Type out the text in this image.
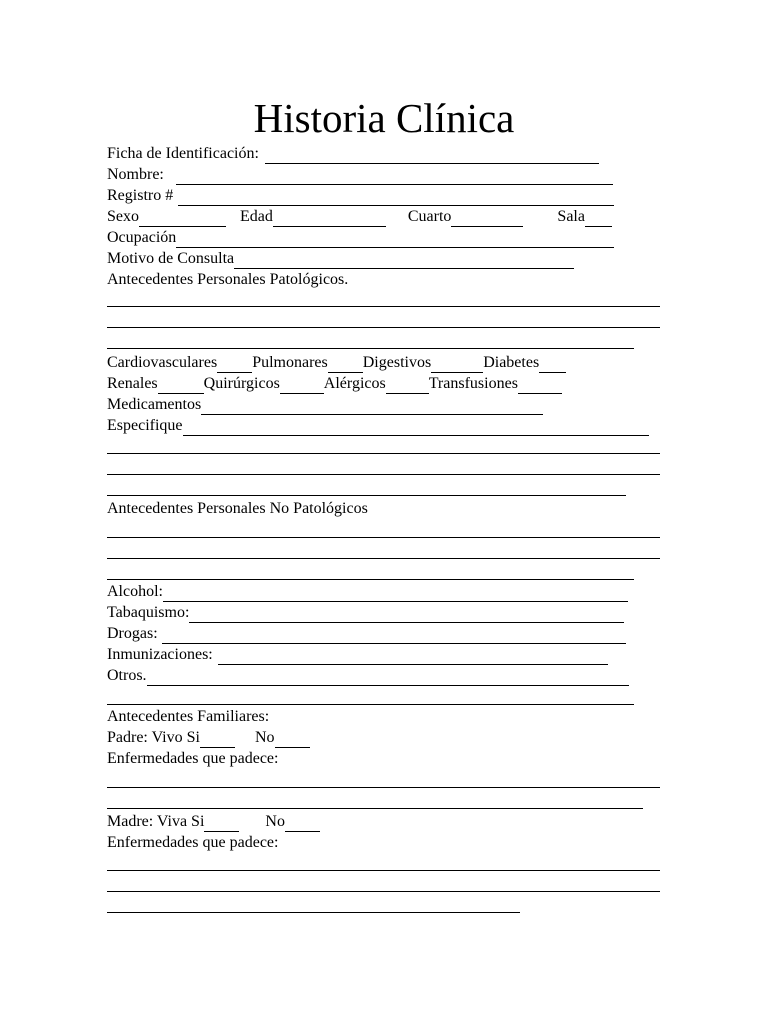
Historia Clínica
Ficha de Identificación:
Nombre:
Registro #
Sexo	Edad	Cuarto	Sala
Ocupación
Motivo de Consulta
Antecedentes Personales Patológicos.
Cardiovasculares Pulmonares Digestivos	Diabetes
Renales	Quirúrgicos	Alérgicos	Transfusiones
Medicamentos
Especifique
Antecedentes Personales No Patológicos
Alcohol:
Tabaquismo:
Drogas:
Inmunizaciones:
Otros.
Antecedentes Familiares:
Padre: Vivo Si	No
Enfermedades que padece:
Madre: Viva Si	No
Enfermedades que padece:
